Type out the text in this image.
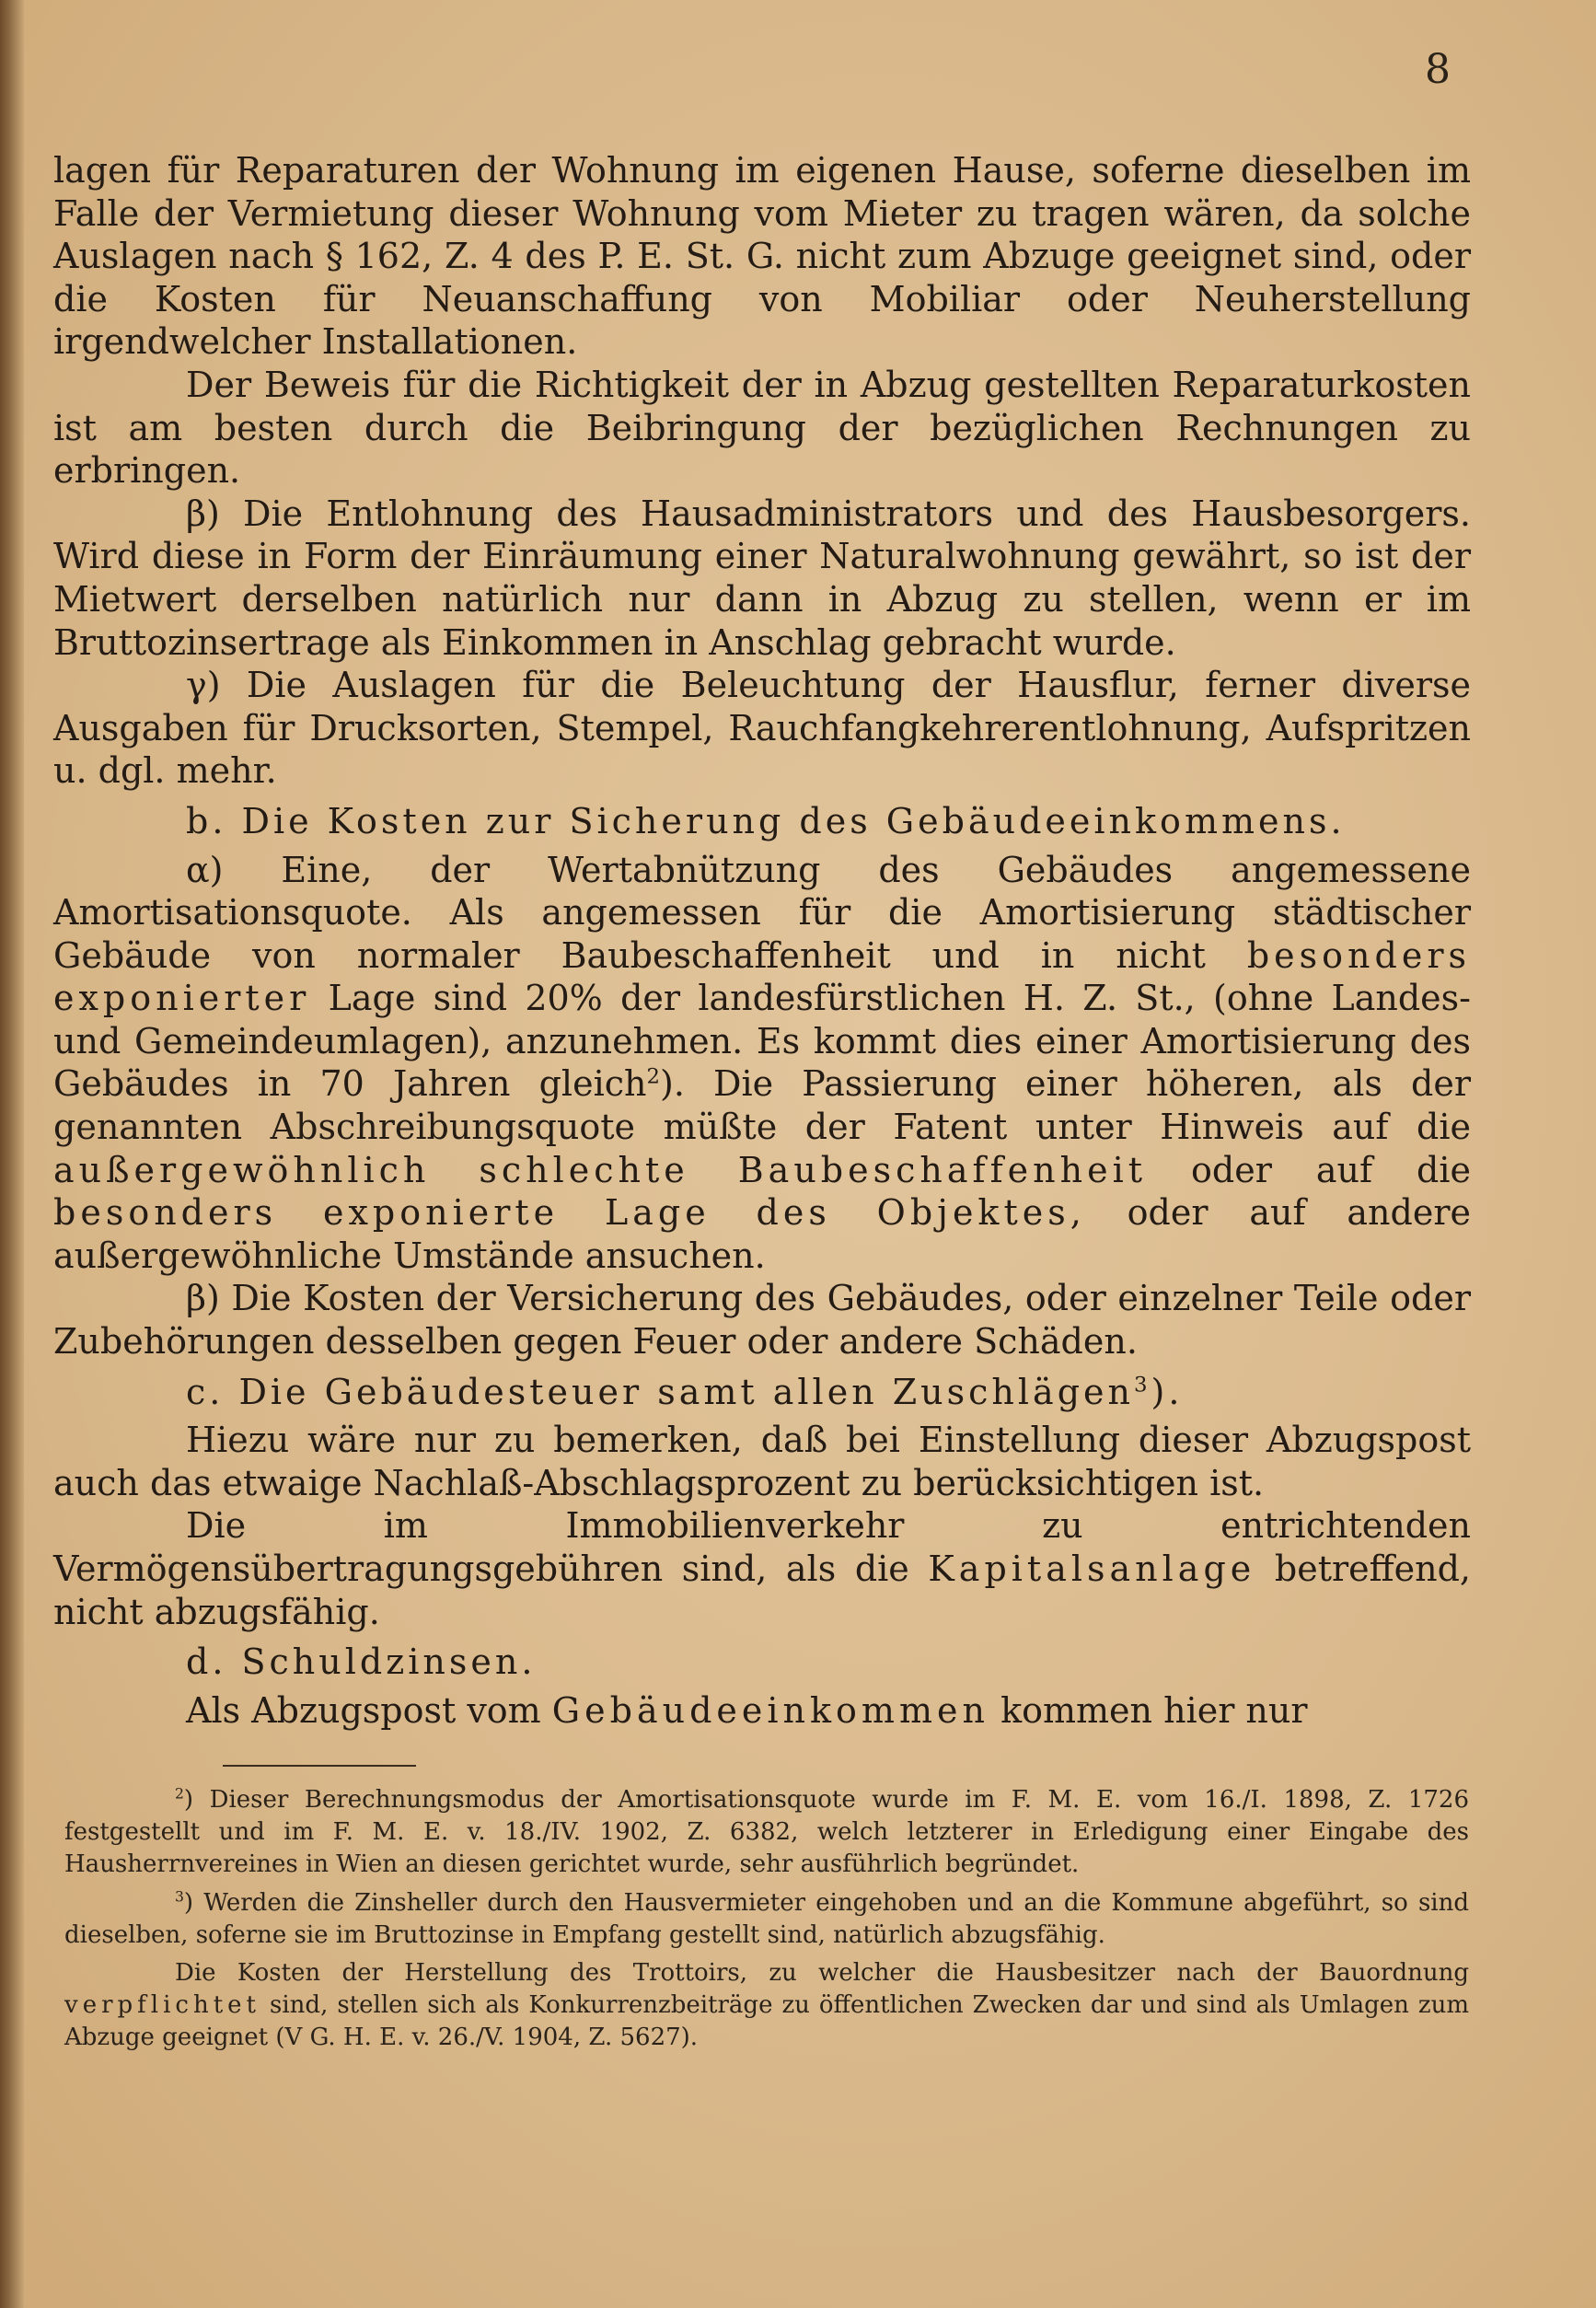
8

lagen für Reparaturen der Wohnung im eigenen Hause, soferne dieselben im Falle der Vermietung dieser Wohnung vom Mieter zu tragen wären, da solche Auslagen nach § 162, Z. 4 des P. E. St. G. nicht zum Abzuge geeignet sind, oder die Kosten für Neuanschaffung von Mobiliar oder Neuherstellung irgendwelcher Installationen.

Der Beweis für die Richtigkeit der in Abzug gestellten Reparaturkosten ist am besten durch die Beibringung der bezüglichen Rechnungen zu erbringen.

β) Die Entlohnung des Hausadministrators und des Hausbesorgers. Wird diese in Form der Einräumung einer Naturalwohnung gewährt, so ist der Mietwert derselben natürlich nur dann in Abzug zu stellen, wenn er im Bruttozinsertrage als Einkommen in Anschlag gebracht wurde.

γ) Die Auslagen für die Beleuchtung der Hausflur, ferner diverse Ausgaben für Drucksorten, Stempel, Rauchfangkehrerentlohnung, Aufspritzen u. dgl. mehr.

b. Die Kosten zur Sicherung des Gebäudeeinkommens.

α) Eine, der Wertabnützung des Gebäudes angemessene Amortisationsquote. Als angemessen für die Amortisierung städtischer Gebäude von normaler Baubeschaffenheit und in nicht besonders exponierter Lage sind 20% der landesfürstlichen H. Z. St., (ohne Landes- und Gemeindeumlagen), anzunehmen. Es kommt dies einer Amortisierung des Gebäudes in 70 Jahren gleich$^2$). Die Passierung einer höheren, als der genannten Abschreibungsquote müßte der Fatent unter Hinweis auf die außergewöhnlich schlechte Baubeschaffenheit oder auf die besonders exponierte Lage des Objektes, oder auf andere außergewöhnliche Umstände ansuchen.

β) Die Kosten der Versicherung des Gebäudes, oder einzelner Teile oder Zubehörungen desselben gegen Feuer oder andere Schäden.

c. Die Gebäudesteuer samt allen Zuschlägen$^3$).

Hiezu wäre nur zu bemerken, daß bei Einstellung dieser Abzugspost auch das etwaige Nachlaß-Abschlagsprozent zu berücksichtigen ist.

Die im Immobilienverkehr zu entrichtenden Vermögensübertragungsgebühren sind, als die Kapitalsanlage betreffend, nicht abzugsfähig.

d. Schuldzinsen.

Als Abzugspost vom Gebäudeeinkommen kommen hier nur

$^2$) Dieser Berechnungsmodus der Amortisationsquote wurde im F. M. E. vom 16./I. 1898, Z. 1726 festgestellt und im F. M. E. v. 18./IV. 1902, Z. 6382, welch letzterer in Erledigung einer Eingabe des Hausherrnvereines in Wien an diesen gerichtet wurde, sehr ausführlich begründet.

$^3$) Werden die Zinsheller durch den Hausvermieter eingehoben und an die Kommune abgeführt, so sind dieselben, soferne sie im Bruttozinse in Empfang gestellt sind, natürlich abzugsfähig.

Die Kosten der Herstellung des Trottoirs, zu welcher die Hausbesitzer nach der Bauordnung verpflichtet sind, stellen sich als Konkurrenzbeiträge zu öffentlichen Zwecken dar und sind als Umlagen zum Abzuge geeignet (V G. H. E. v. 26./V. 1904, Z. 5627).
